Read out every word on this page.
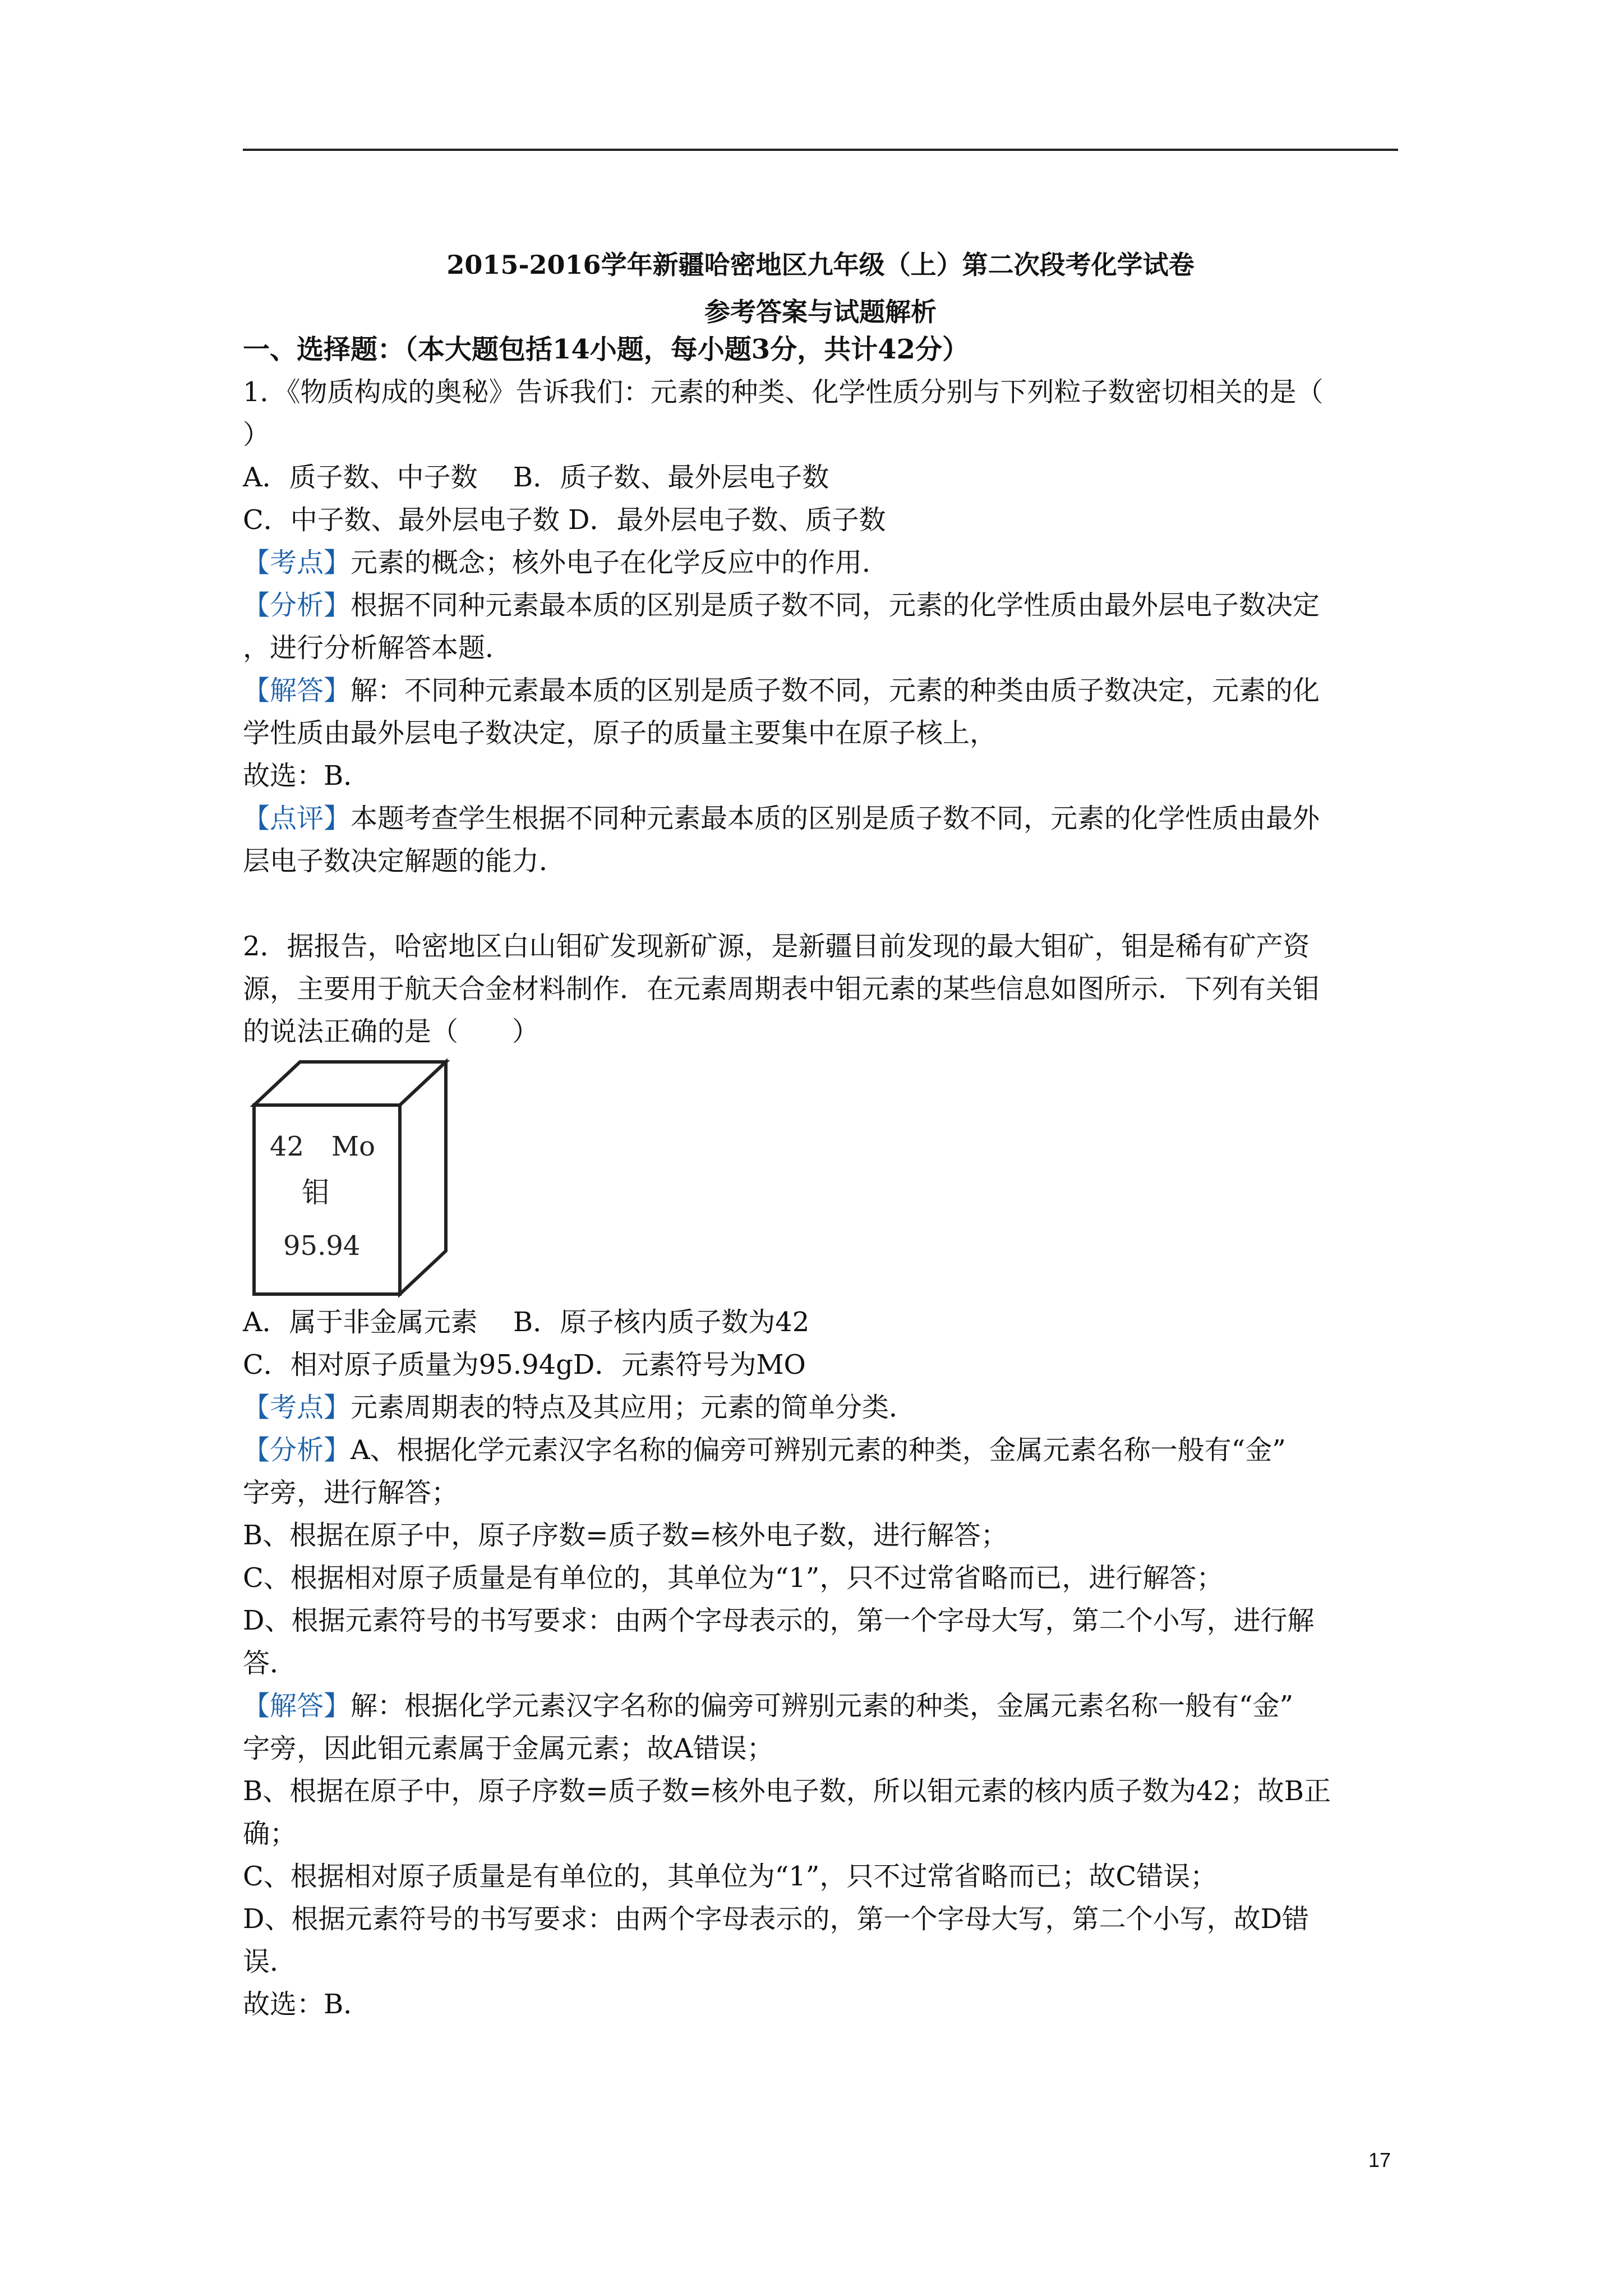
2015-2016学年新疆哈密地区九年级（上）第二次段考化学试卷
参考答案与试题解析

一、选择题：（本大题包括14小题，每小题3分，共计42分）

1．《物质构成的奥秘》告诉我们：元素的种类、化学性质分别与下列粒子数密切相关的是（

）

A．质子数、中子数　 B．质子数、最外层电子数

C．中子数、最外层电子数 D．最外层电子数、质子数

【考点】元素的概念；核外电子在化学反应中的作用．

【分析】根据不同种元素最本质的区别是质子数不同，元素的化学性质由最外层电子数决定

，进行分析解答本题．

【解答】解：不同种元素最本质的区别是质子数不同，元素的种类由质子数决定，元素的化

学性质由最外层电子数决定，原子的质量主要集中在原子核上，

故选：B．

【点评】本题考查学生根据不同种元素最本质的区别是质子数不同，元素的化学性质由最外

层电子数决定解题的能力．

2．据报告，哈密地区白山钼矿发现新矿源，是新疆目前发现的最大钼矿，钼是稀有矿产资

源，主要用于航天合金材料制作．在元素周期表中钼元素的某些信息如图所示．下列有关钼

的说法正确的是（　　）

42 Mo
钼
95.94

A．属于非金属元素　 B．原子核内质子数为42

C．相对原子质量为95.94gD．元素符号为MO

【考点】元素周期表的特点及其应用；元素的简单分类．

【分析】A、根据化学元素汉字名称的偏旁可辨别元素的种类，金属元素名称一般有“金”

字旁，进行解答；

B、根据在原子中，原子序数=质子数=核外电子数，进行解答；

C、根据相对原子质量是有单位的，其单位为“1”，只不过常省略而已，进行解答；

D、根据元素符号的书写要求：由两个字母表示的，第一个字母大写，第二个小写，进行解

答．

【解答】解：根据化学元素汉字名称的偏旁可辨别元素的种类，金属元素名称一般有“金”

字旁，因此钼元素属于金属元素；故A错误；

B、根据在原子中，原子序数=质子数=核外电子数，所以钼元素的核内质子数为42；故B正

确；

C、根据相对原子质量是有单位的，其单位为“1”，只不过常省略而已；故C错误；

D、根据元素符号的书写要求：由两个字母表示的，第一个字母大写，第二个小写，故D错

误．

故选：B．

17
